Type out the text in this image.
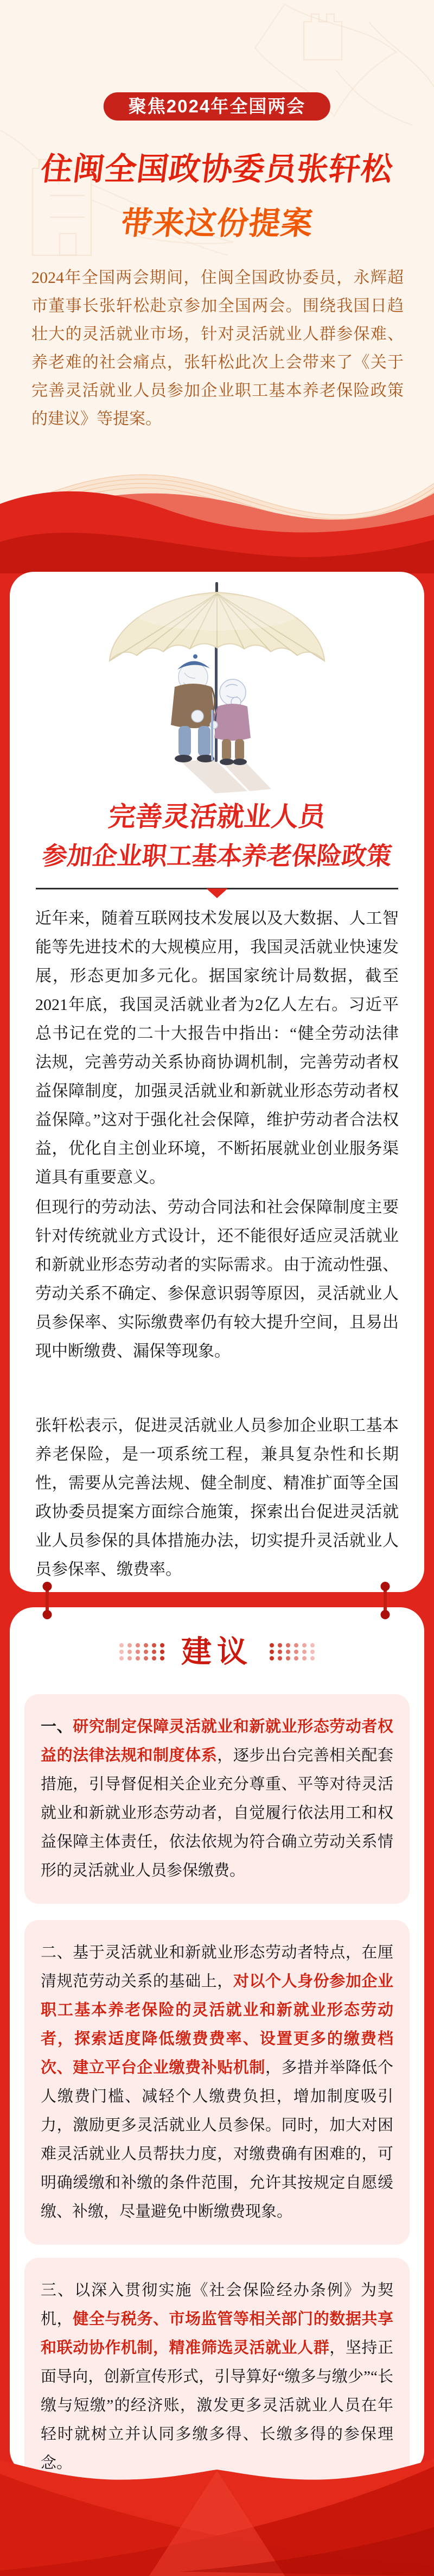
聚焦2024年全国两会
住闽全国政协委员张轩松
带来这份提案

2024年全国两会期间，住闽全国政协委员，永辉超市董事长张轩松赴京参加全国两会。围绕我国日趋壮大的灵活就业市场，针对灵活就业人群参保难、养老难的社会痛点，张轩松此次上会带来了《关于完善灵活就业人员参加企业职工基本养老保险政策的建议》等提案。

完善灵活就业人员
参加企业职工基本养老保险政策

近年来，随着互联网技术发展以及大数据、人工智能等先进技术的大规模应用，我国灵活就业快速发展，形态更加多元化。据国家统计局数据，截至2021年底，我国灵活就业者为2亿人左右。习近平总书记在党的二十大报告中指出：“健全劳动法律法规，完善劳动关系协商协调机制，完善劳动者权益保障制度，加强灵活就业和新就业形态劳动者权益保障。”这对于强化社会保障，维护劳动者合法权益，优化自主创业环境，不断拓展就业创业服务渠道具有重要意义。

但现行的劳动法、劳动合同法和社会保障制度主要针对传统就业方式设计，还不能很好适应灵活就业和新就业形态劳动者的实际需求。由于流动性强、劳动关系不确定、参保意识弱等原因，灵活就业人员参保率、实际缴费率仍有较大提升空间，且易出现中断缴费、漏保等现象。

张轩松表示，促进灵活就业人员参加企业职工基本养老保险，是一项系统工程，兼具复杂性和长期性，需要从完善法规、健全制度、精准扩面等全国政协委员提案方面综合施策，探索出台促进灵活就业人员参保的具体措施办法，切实提升灵活就业人员参保率、缴费率。

建议
一、研究制定保障灵活就业和新就业形态劳动者权益的法律法规和制度体系，逐步出台完善相关配套措施，引导督促相关企业充分尊重、平等对待灵活就业和新就业形态劳动者，自觉履行依法用工和权益保障主体责任，依法依规为符合确立劳动关系情形的灵活就业人员参保缴费。
二、基于灵活就业和新就业形态劳动者特点，在厘清规范劳动关系的基础上，对以个人身份参加企业职工基本养老保险的灵活就业和新就业形态劳动者，探索适度降低缴费费率、设置更多的缴费档次、建立平台企业缴费补贴机制，多措并举降低个人缴费门槛、减轻个人缴费负担，增加制度吸引力，激励更多灵活就业人员参保。同时，加大对困难灵活就业人员帮扶力度，对缴费确有困难的，可明确缓缴和补缴的条件范围，允许其按规定自愿缓缴、补缴，尽量避免中断缴费现象。
三、以深入贯彻实施《社会保险经办条例》为契机，健全与税务、市场监管等相关部门的数据共享和联动协作机制，精准筛选灵活就业人群，坚持正面导向，创新宣传形式，引导算好“缴多与缴少”“长缴与短缴”的经济账，激发更多灵活就业人员在年轻时就树立并认同多缴多得、长缴多得的参保理念。
